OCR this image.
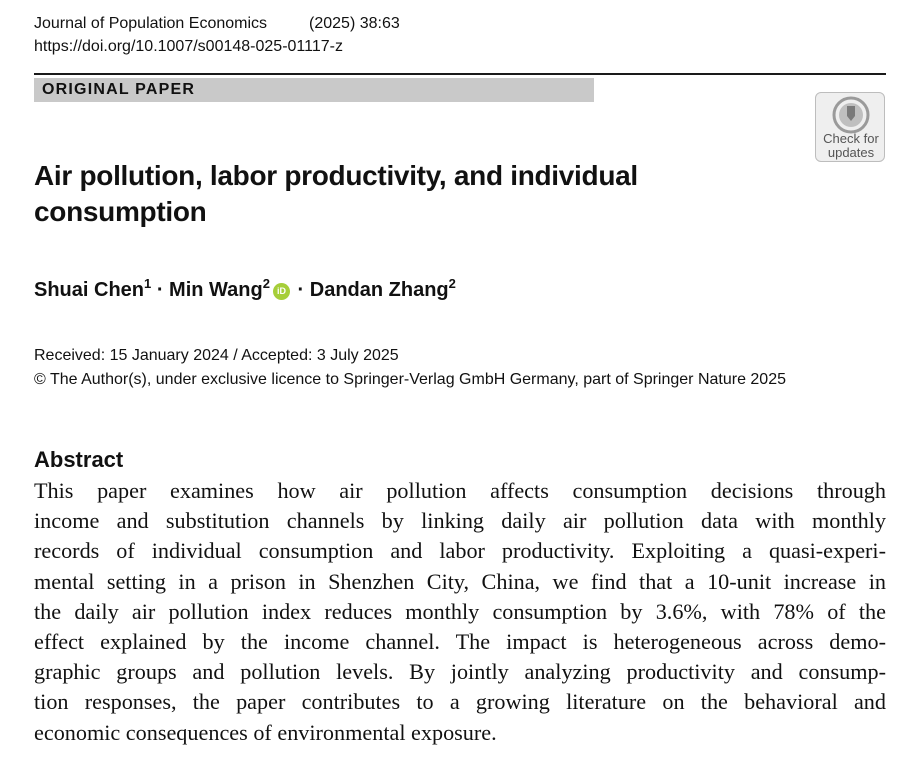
Journal of Population Economics	(2025) 38:63
https://doi.org/10.1007/s00148-025-01117-z
ORIGINAL PAPER
Check for
updates
Air pollution, labor productivity, and individual consumption
Shuai Chen$^1$ · Min Wang$^2$ iD · Dandan Zhang$^2$
Received: 15 January 2024 / Accepted: 3 July 2025
© The Author(s), under exclusive licence to Springer-Verlag GmbH Germany, part of Springer Nature 2025
Abstract
This paper examines how air pollution affects consumption decisions through
income and substitution channels by linking daily air pollution data with monthly
records of individual consumption and labor productivity. Exploiting a quasi-experi-
mental setting in a prison in Shenzhen City, China, we find that a 10-unit increase in
the daily air pollution index reduces monthly consumption by 3.6%, with 78% of the
effect explained by the income channel. The impact is heterogeneous across demo-
graphic groups and pollution levels. By jointly analyzing productivity and consump-
tion responses, the paper contributes to a growing literature on the behavioral and
economic consequences of environmental exposure.
